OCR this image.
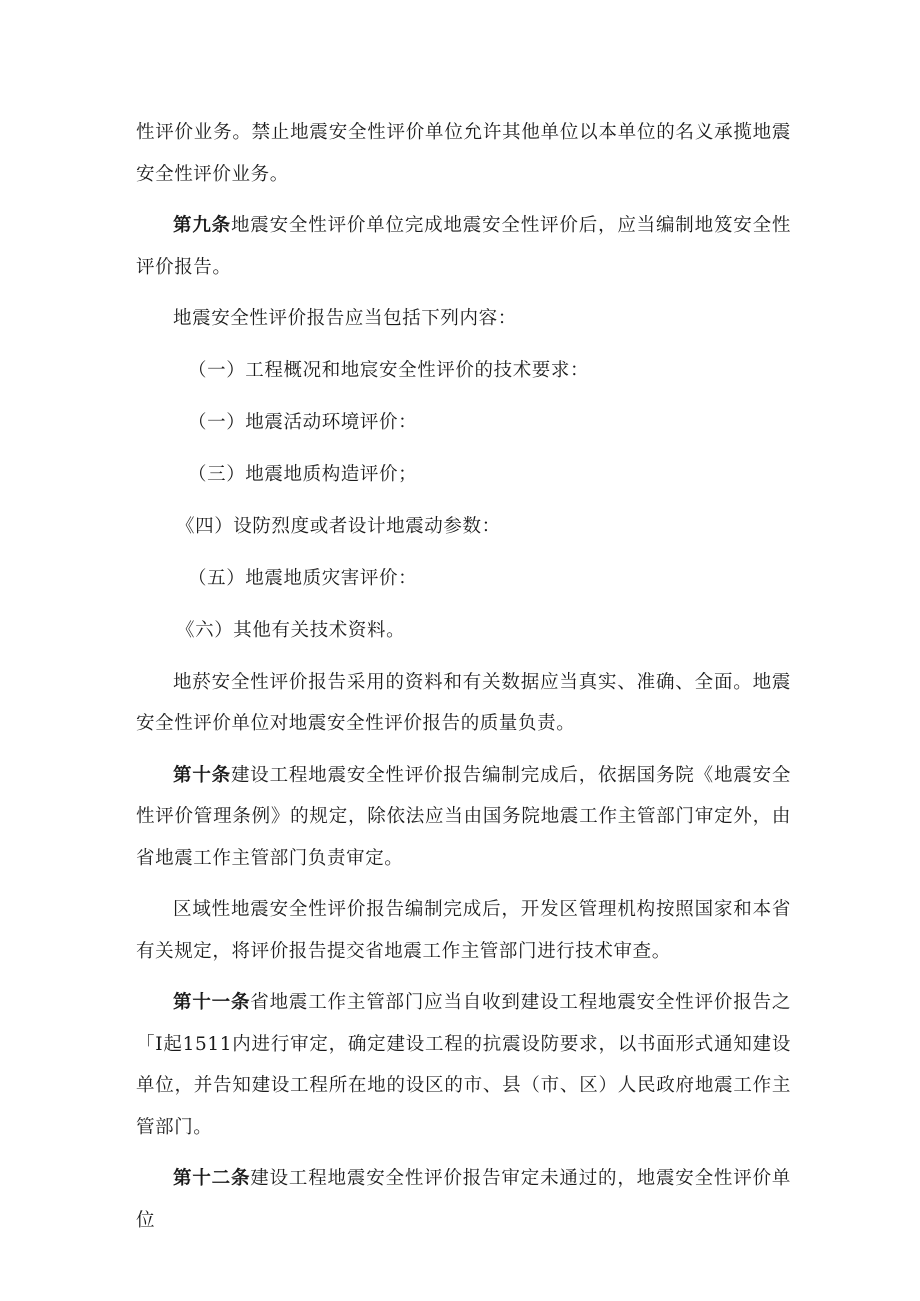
性评价业务。禁止地震安全性评价单位允许其他单位以本单位的名义承揽地震安全性评价业务。

第九条地震安全性评价单位完成地震安全性评价后，应当编制地笈安全性评价报告。

地震安全性评价报告应当包括下列内容：

（一）工程概况和地宸安全性评价的技术要求：

（一）地震活动环境评价：

（三）地震地质构造评价；

《四）设防烈度或者设计地震动参数：

（五）地震地质灾害评价：

《六）其他有关技术资料。

地菸安全性评价报告采用的资料和有关数据应当真实、准确、全面。地震安全性评价单位对地震安全性评价报告的质量负责。

第十条建设工程地震安全性评价报告编制完成后，依据国务院《地震安全性评价管理条例》的规定，除依法应当由国务院地震工作主管部门审定外，由省地震工作主管部门负责审定。

区域性地震安全性评价报告编制完成后，开发区管理机构按照国家和本省有关规定，将评价报告提交省地震工作主管部门进行技术审查。

第十一条省地震工作主管部门应当自收到建设工程地震安全性评价报告之「I起1511内进行审定，确定建设工程的抗震设防要求，以书面形式通知建设单位，并告知建设工程所在地的设区的市、县（市、区）人民政府地震工作主管部门。

第十二条建设工程地震安全性评价报告审定未通过的，地震安全性评价单位
